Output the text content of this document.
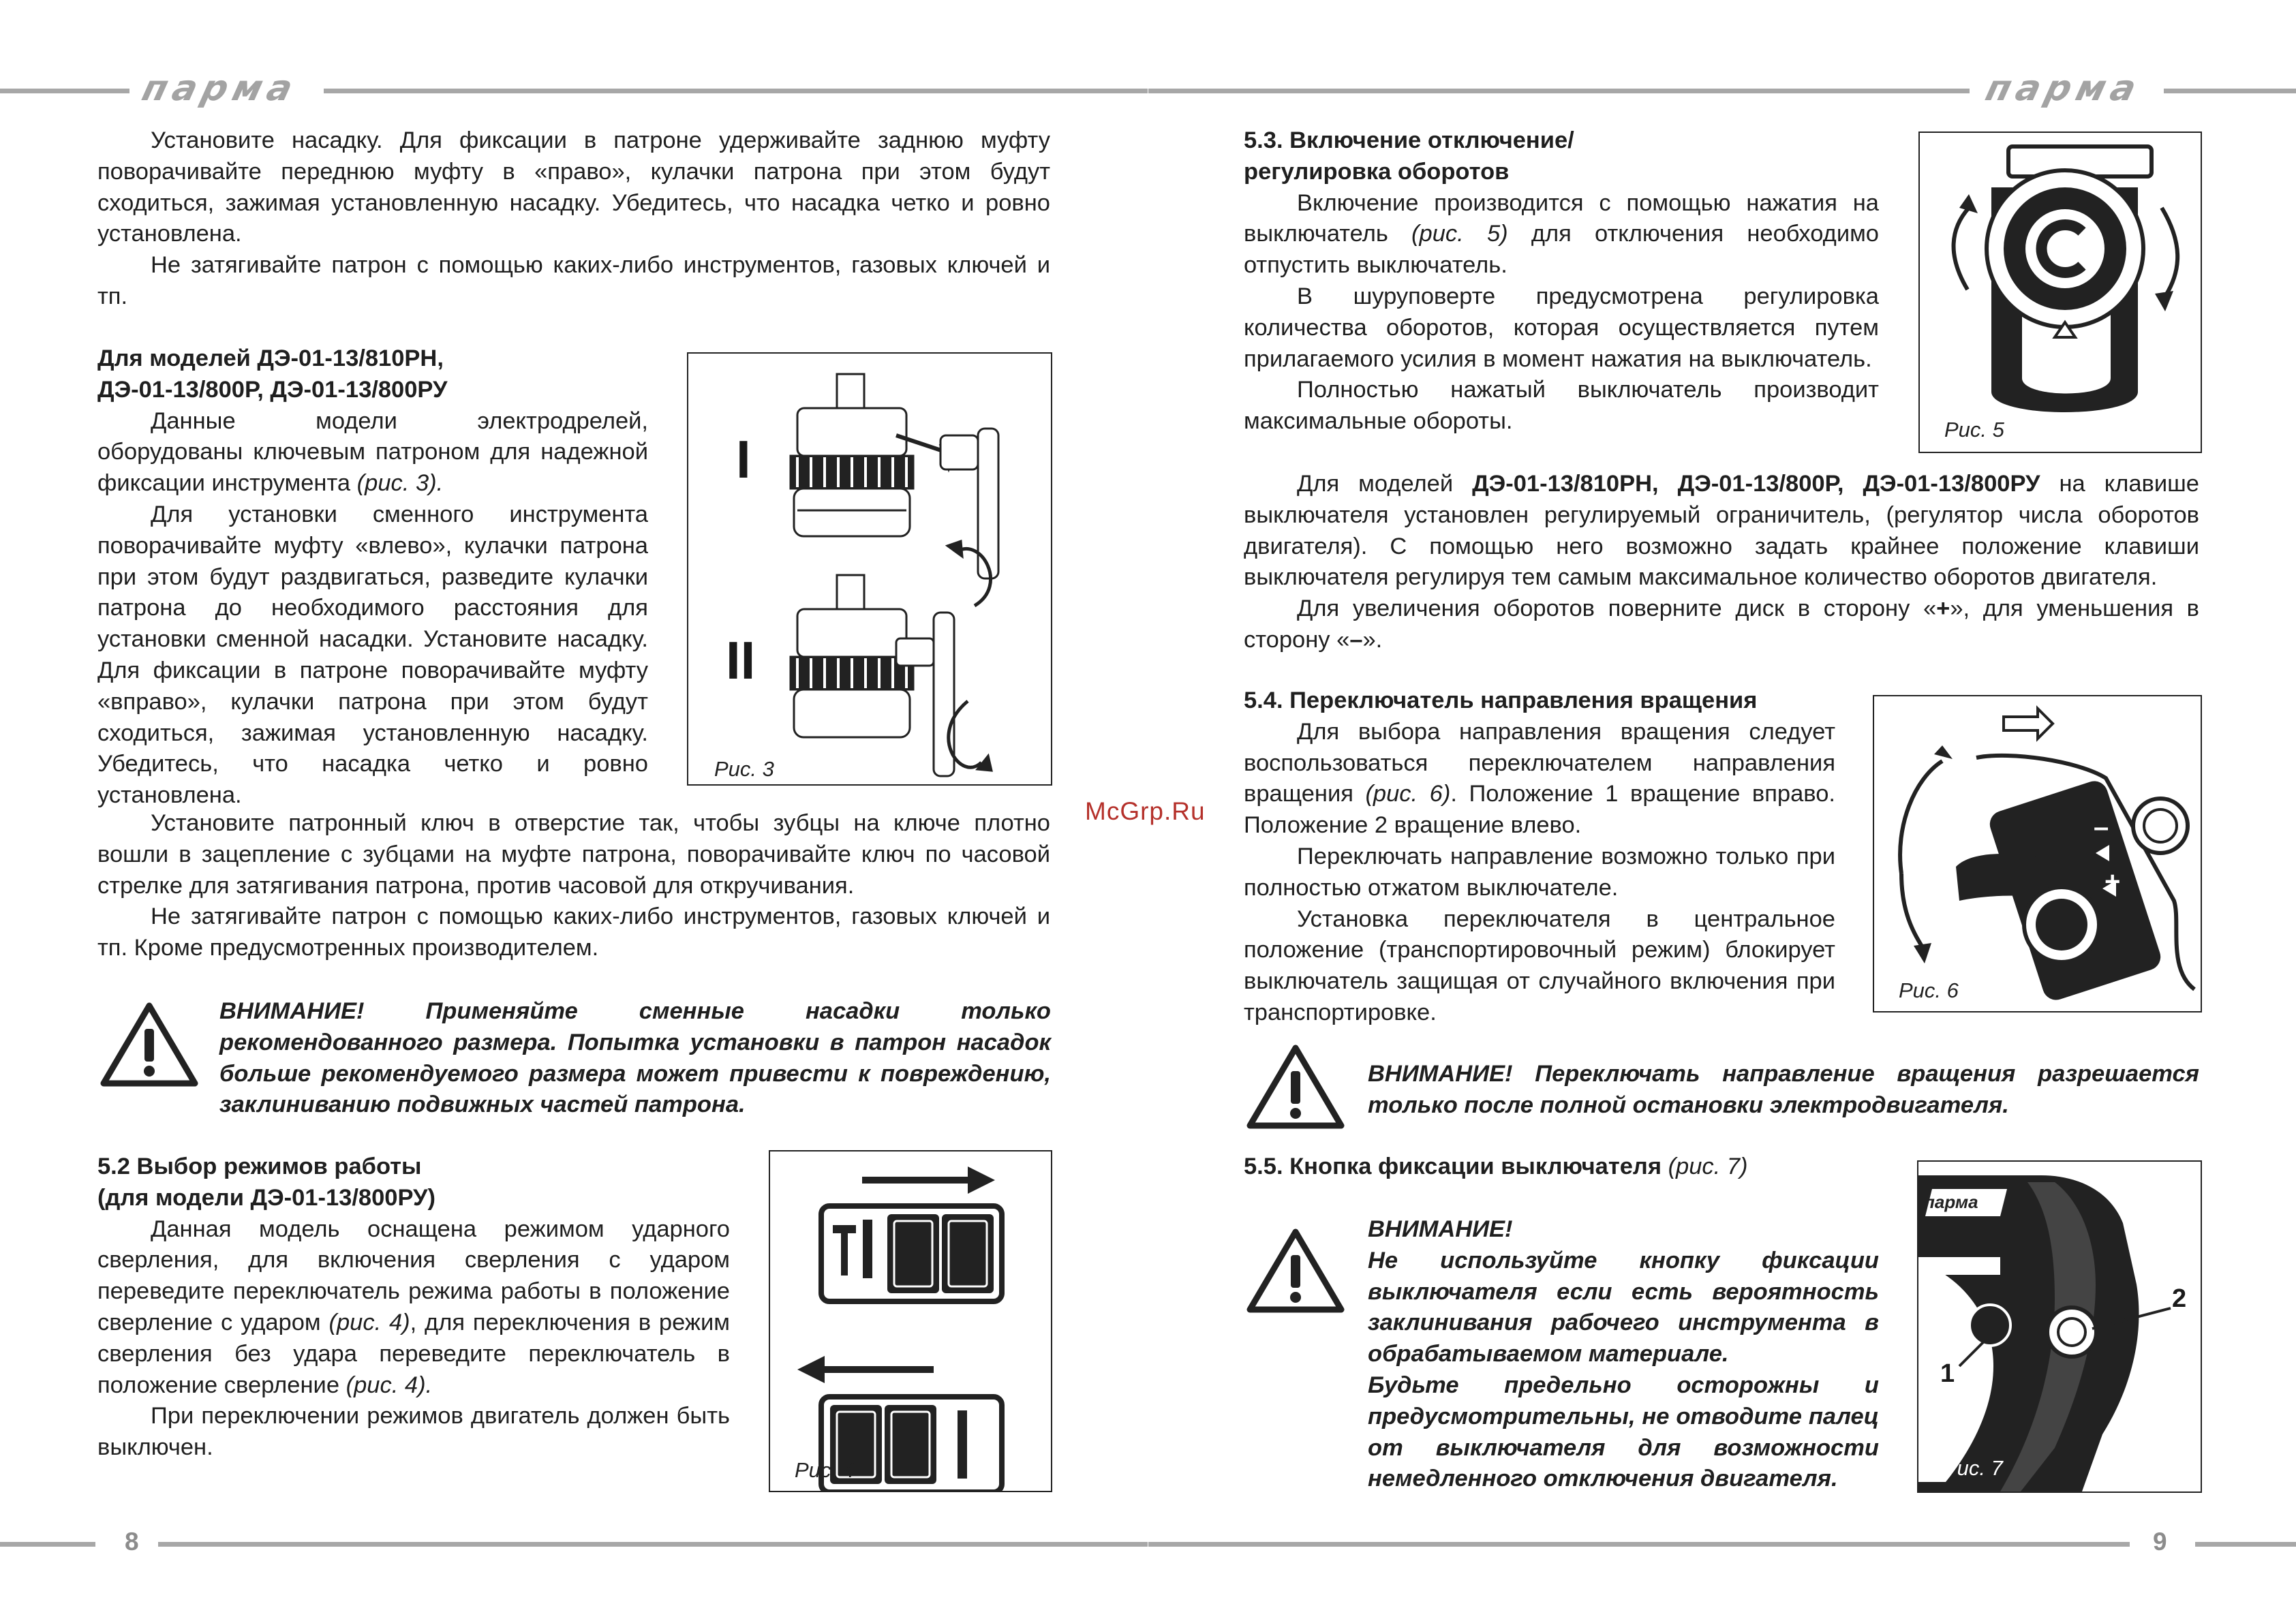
парма

Установите насадку. Для фиксации в патроне удерживайте заднюю муфту поворачивайте переднюю муфту в «право», кулачки патрона при этом будут сходиться, зажимая установленную насадку. Убедитесь, что насадка четко и ровно установлена.

Не затягивайте патрон с помощью каких-либо инструментов, газовых ключей и тп.

Для моделей ДЭ-01-13/810РН,
ДЭ-01-13/800Р, ДЭ-01-13/800РУ

Данные модели электродрелей, оборудованы ключевым патроном для надежной фиксации инструмента (рис. 3).

Для установки сменного инструмента поворачивайте муфту «влево», кулачки патрона при этом будут раздвигаться, разведите кулачки патрона до необходимого расстояния для установки сменной насадки. Установите насадку. Для фиксации в патроне поворачивайте муфту «вправо», кулачки патрона при этом будут сходиться, зажимая установленную насадку. Убедитесь, что насадка четко и ровно установлена.

Установите патронный ключ в отверстие так, чтобы зубцы на ключе плотно вошли в зацепление с зубцами на муфте патрона, поворачивайте ключ по часовой стрелке для затягивания патрона, против часовой для откручивания.

Не затягивайте патрон с помощью каких-либо инструментов, газовых ключей и тп. Кроме предусмотренных производителем.

I
II
Рис. 3

ВНИМАНИЕ! Применяйте сменные насадки только рекомендованного размера. Попытка установки в патрон насадок больше рекомендуемого размера может привести к повреждению, заклиниванию подвижных частей патрона.

5.2 Выбор режимов работы
(для модели ДЭ-01-13/800РУ)

Данная модель оснащена режимом ударного сверления, для включения сверления с ударом переведите переключатель режима работы в положение сверление с ударом (рис. 4), для переключения в режим сверления без удара переведите переключатель в положение сверление (рис. 4).

При переключении режимов двигатель должен быть выключен.

Рис. 4
8
McGrp.Ru
парма
5.3. Включение отключение/
регулировка оборотов

Включение производится с помощью нажатия на выключатель (рис. 5) для отключения необходимо отпустить выключатель.

В шуруповерте предусмотрена регулировка количества оборотов, которая осуществляется путем прилагаемого усилия в момент нажатия на выключатель.

Полностью нажатый выключатель производит максимальные обороты.

Для моделей ДЭ-01-13/810РН, ДЭ-01-13/800Р, ДЭ-01-13/800РУ на клавише выключателя установлен регулируемый ограничитель, (регулятор числа оборотов двигателя). С помощью него возможно задать крайнее положение клавиши выключателя регулируя тем самым максимальное количество оборотов двигателя.

Для увеличения оборотов поверните диск в сторону «+», для уменьшения в сторону «–».

Рис. 5
5.4. Переключатель направления вращения

Для выбора направления вращения следует воспользоваться переключателем направления вращения (рис. 6). Положение 1 вращение вправо. Положение 2 вращение влево.

Переключать направление возможно только при полностью отжатом выключателе.

Установка переключателя в центральное положение (транспортировочный режим) блокирует выключатель защищая от случайного включения при транспортировке.

–
+
Рис. 6

ВНИМАНИЕ! Переключать направление вращения разрешается только после полной остановки электродвигателя.

5.5. Кнопка фиксации выключателя (рис. 7)

ВНИМАНИЕ!

Не используйте кнопку фиксации выключателя если есть вероятность заклинивания рабочего инструмента в обрабатываемом материале.

Будьте предельно осторожны и предусмотрительны, не отводите палец от выключателя для возможности немедленного отключения двигателя.

парма
1
2
Рис. 7
9
